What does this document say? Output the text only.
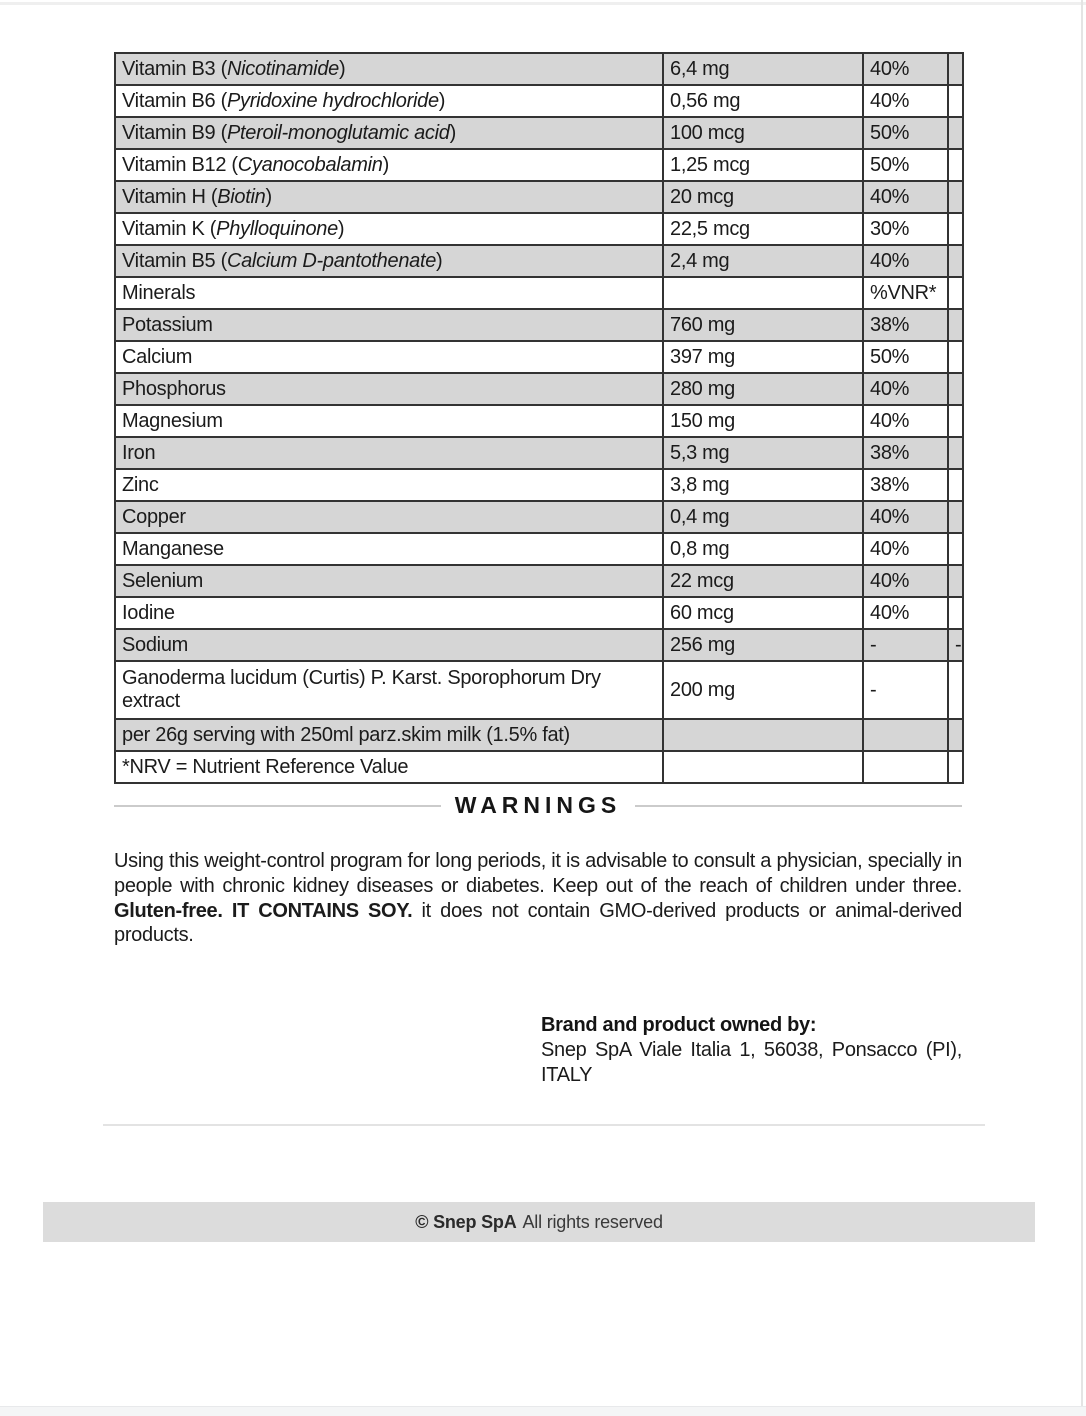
Vitamin B3 (Nicotinamide)	6,4 mg	40%	
Vitamin B6 (Pyridoxine hydrochloride)	0,56 mg	40%	
Vitamin B9 (Pteroil-monoglutamic acid)	100 mcg	50%	
Vitamin B12 (Cyanocobalamin)	1,25 mcg	50%	
Vitamin H (Biotin)	20 mcg	40%	
Vitamin K (Phylloquinone)	22,5 mcg	30%	
Vitamin B5 (Calcium D-pantothenate)	2,4 mg	40%	
Minerals		%VNR*	
Potassium	760 mg	38%	
Calcium	397 mg	50%	
Phosphorus	280 mg	40%	
Magnesium	150 mg	40%	
Iron	5,3 mg	38%	
Zinc	3,8 mg	38%	
Copper	0,4 mg	40%	
Manganese	0,8 mg	40%	
Selenium	22 mcg	40%	
Iodine	60 mcg	40%	
Sodium	256 mg	-	-
Ganoderma lucidum (Curtis) P. Karst. Sporophorum Dry extract	200 mg	-	
per 26g serving with 250ml parz.skim milk (1.5% fat)			
*NRV = Nutrient Reference Value			
WARNINGS

Using this weight-control program for long periods, it is advisable to consult a physician, specially in people with chronic kidney diseases or diabetes. Keep out of the reach of children under three. Gluten-free. IT CONTAINS SOY. it does not contain GMO-derived products or animal-derived products.

Brand and product owned by:
Snep SpA Viale Italia 1, 56038, Ponsacco (PI), ITALY
© Snep SpA All rights reserved
